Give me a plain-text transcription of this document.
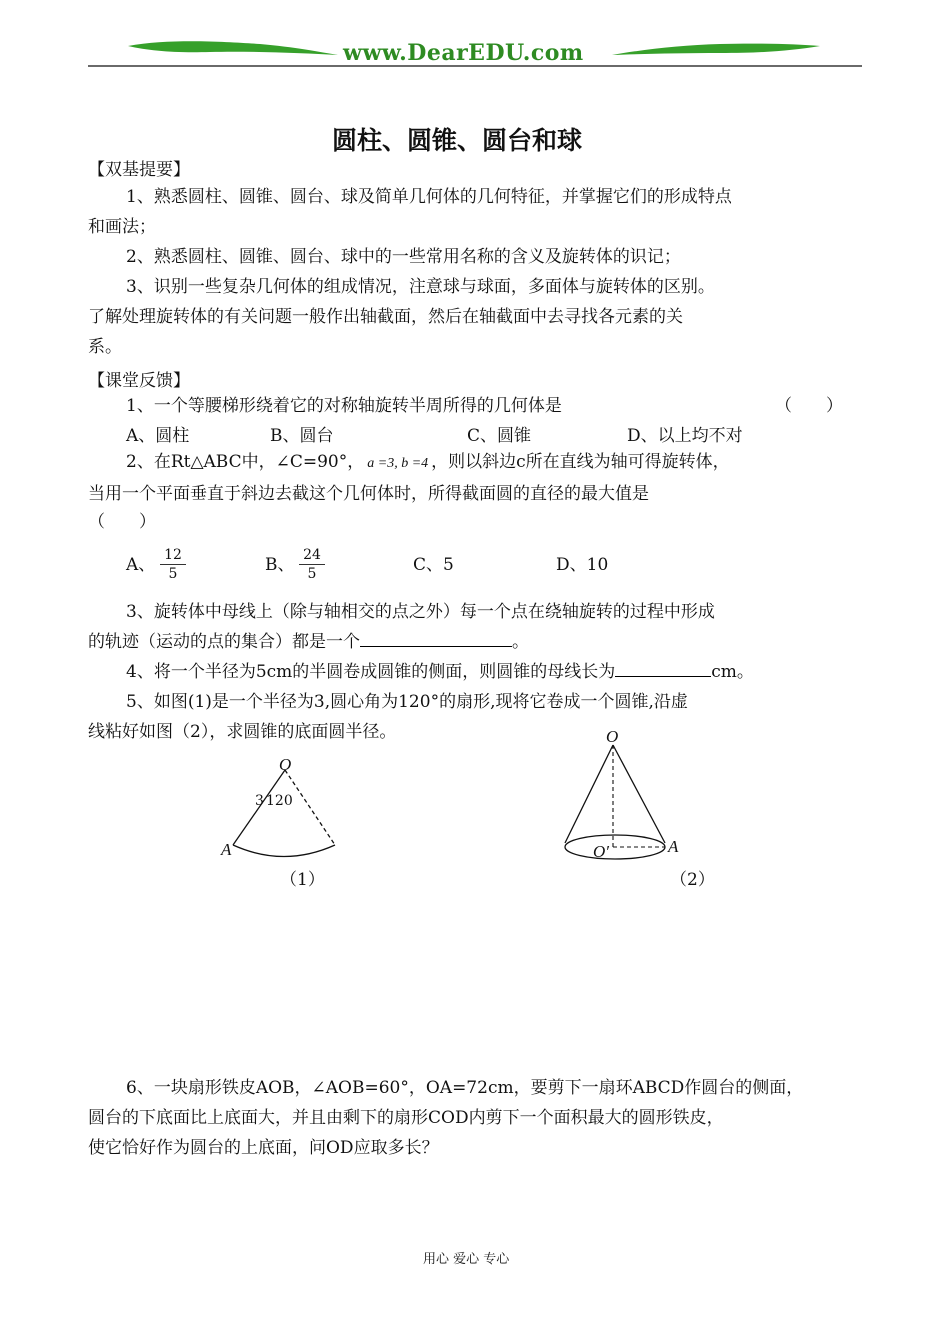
www.DearEDU.com
圆柱、圆锥、圆台和球
【双基提要】
1、熟悉圆柱、圆锥、圆台、球及简单几何体的几何特征，并掌握它们的形成特点
和画法；
2、熟悉圆柱、圆锥、圆台、球中的一些常用名称的含义及旋转体的识记；
3、识别一些复杂几何体的组成情况，注意球与球面，多面体与旋转体的区别。
了解处理旋转体的有关问题一般作出轴截面，然后在轴截面中去寻找各元素的关
系。
【课堂反馈】
1、一个等腰梯形绕着它的对称轴旋转半周所得的几何体是	（　　）
A、圆柱	B、圆台	C、圆锥	D、以上均不对
2、在Rt△ABC中，∠C=90°， a =3, b =4 ，则以斜边c所在直线为轴可得旋转体，
当用一个平面垂直于斜边去截这个几何体时，所得截面圆的直径的最大值是
（　　）
A、 $\frac{12}{5}$	B、 $\frac{24}{5}$	C、5	D、10
3、旋转体中母线上（除与轴相交的点之外）每一个点在绕轴旋转的过程中形成
的轨迹（运动的点的集合）都是一个	。
4、将一个半径为5cm的半圆卷成圆锥的侧面，则圆锥的母线长为	cm。
5、如图(1)是一个半径为3,圆心角为120°的扇形,现将它卷成一个圆锥,沿虚
线粘好如图（2），求圆锥的底面圆半径。
O
3 120
A
（1）
O
O′	A
（2）
6、一块扇形铁皮AOB，∠AOB=60°，OA=72cm，要剪下一扇环ABCD作圆台的侧面，
圆台的下底面比上底面大，并且由剩下的扇形COD内剪下一个面积最大的圆形铁皮，
使它恰好作为圆台的上底面，问OD应取多长？
用心 爱心 专心
